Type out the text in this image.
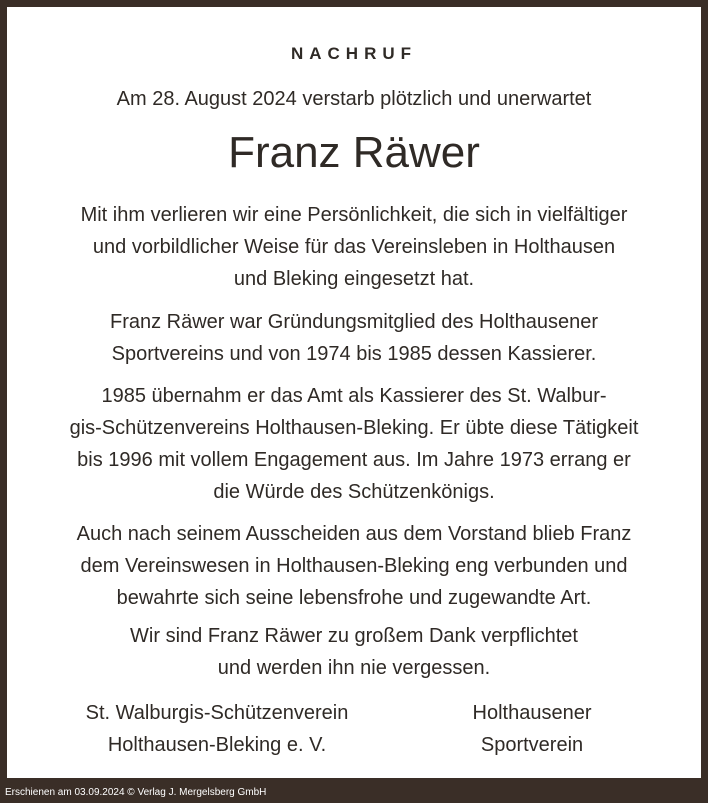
NACHRUF
Am 28. August 2024 verstarb plötzlich und unerwartet
Franz Räwer

Mit ihm verlieren wir eine Persönlichkeit, die sich in vielfältiger
und vorbildlicher Weise für das Vereinsleben in Holthausen
und Bleking eingesetzt hat.

Franz Räwer war Gründungsmitglied des Holthausener
Sportvereins und von 1974 bis 1985 dessen Kassierer.

1985 übernahm er das Amt als Kassierer des St. Walbur-
gis-Schützenvereins Holthausen-Bleking. Er übte diese Tätigkeit
bis 1996 mit vollem Engagement aus. Im Jahre 1973 errang er
die Würde des Schützenkönigs.

Auch nach seinem Ausscheiden aus dem Vorstand blieb Franz
dem Vereinswesen in Holthausen-Bleking eng verbunden und
bewahrte sich seine lebensfrohe und zugewandte Art.

Wir sind Franz Räwer zu großem Dank verpflichtet
und werden ihn nie vergessen.

St. Walburgis-Schützenverein
Holthausen-Bleking e. V.
Holthausener
Sportverein
Erschienen am 03.09.2024 © Verlag J. Mergelsberg GmbH
